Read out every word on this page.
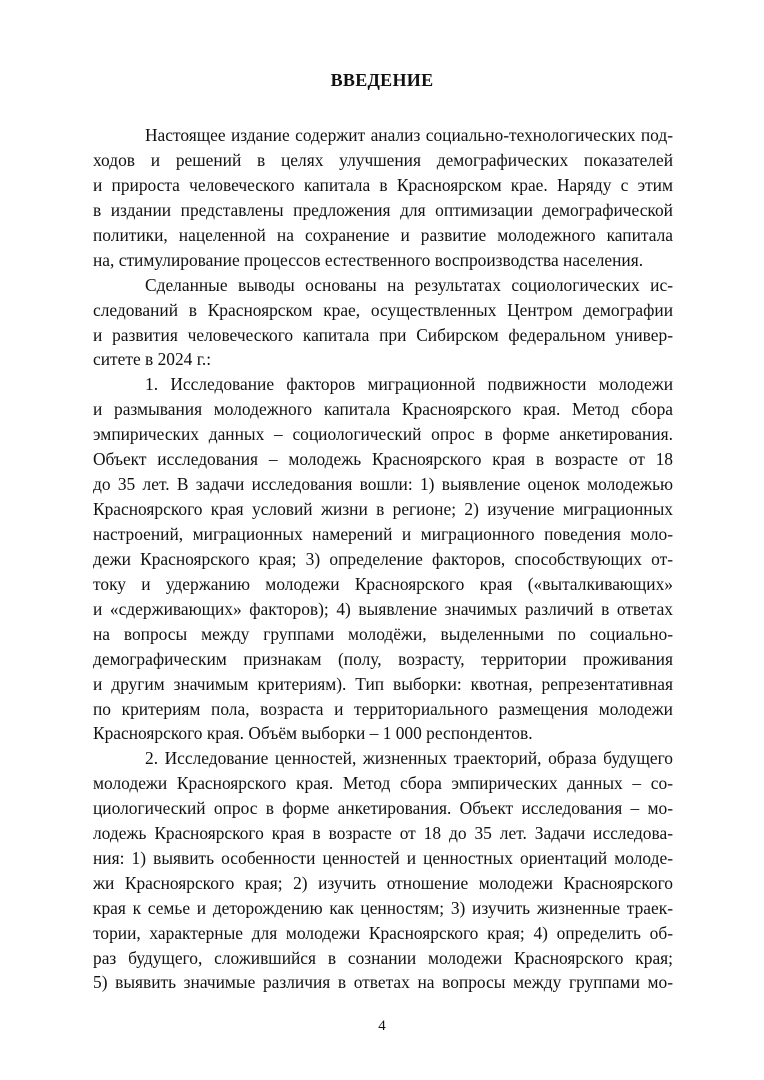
ВВЕДЕНИЕ
Настоящее издание содержит анализ социально-технологических под-
ходов и решений в целях улучшения демографических показателей
и прироста человеческого капитала в Красноярском крае. Наряду с этим
в издании представлены предложения для оптимизации демографической
политики, нацеленной на сохранение и развитие молодежного капитала
на, стимулирование процессов естественного воспроизводства населения.
Сделанные выводы основаны на результатах социологических ис-
следований в Красноярском крае, осуществленных Центром демографии
и развития человеческого капитала при Сибирском федеральном универ-
ситете в 2024 г.:
1. Исследование факторов миграционной подвижности молодежи
и размывания молодежного капитала Красноярского края. Метод сбора
эмпирических данных – социологический опрос в форме анкетирования.
Объект исследования – молодежь Красноярского края в возрасте от 18
до 35 лет. В задачи исследования вошли: 1) выявление оценок молодежью
Красноярского края условий жизни в регионе; 2) изучение миграционных
настроений, миграционных намерений и миграционного поведения моло-
дежи Красноярского края; 3) определение факторов, способствующих от-
току и удержанию молодежи Красноярского края («выталкивающих»
и «сдерживающих» факторов); 4) выявление значимых различий в ответах
на вопросы между группами молодёжи, выделенными по социально-
демографическим признакам (полу, возрасту, территории проживания
и другим значимым критериям). Тип выборки: квотная, репрезентативная
по критериям пола, возраста и территориального размещения молодежи
Красноярского края. Объём выборки – 1 000 респондентов.
2. Исследование ценностей, жизненных траекторий, образа будущего
молодежи Красноярского края. Метод сбора эмпирических данных – со-
циологический опрос в форме анкетирования. Объект исследования – мо-
лодежь Красноярского края в возрасте от 18 до 35 лет. Задачи исследова-
ния: 1) выявить особенности ценностей и ценностных ориентаций молоде-
жи Красноярского края; 2) изучить отношение молодежи Красноярского
края к семье и деторождению как ценностям; 3) изучить жизненные траек-
тории, характерные для молодежи Красноярского края; 4) определить об-
раз будущего, сложившийся в сознании молодежи Красноярского края;
5) выявить значимые различия в ответах на вопросы между группами мо-
4
